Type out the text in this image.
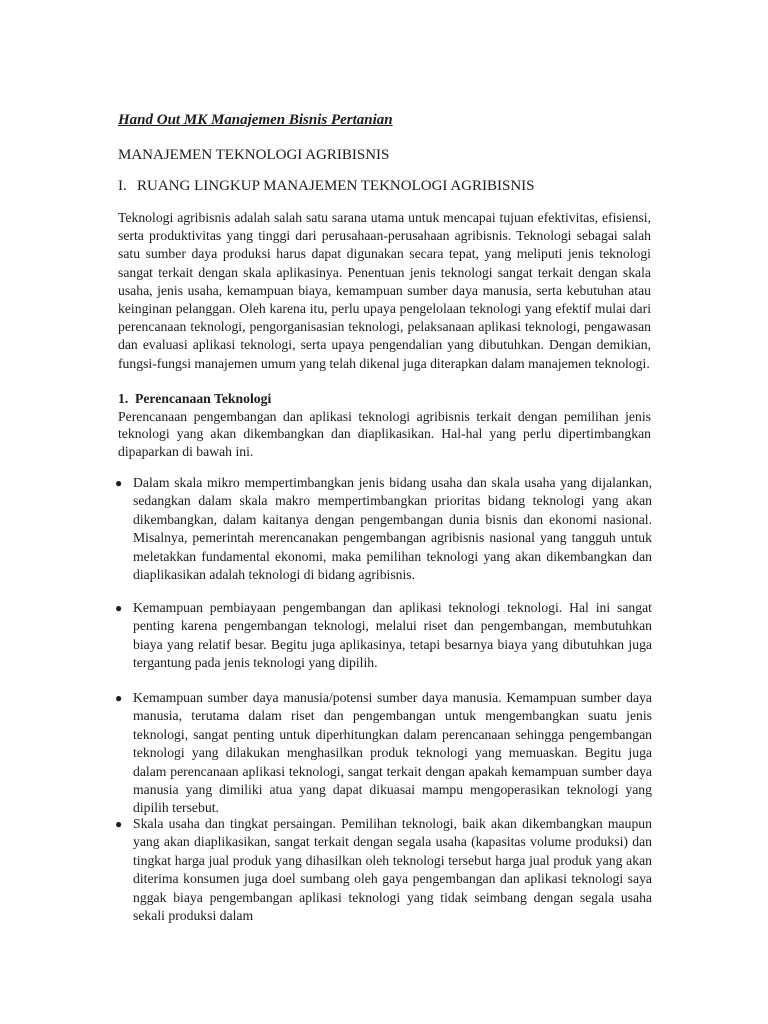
Hand Out MK Manajemen Bisnis Pertanian

MANAJEMEN TEKNOLOGI AGRIBISNIS
I. RUANG LINGKUP MANAJEMEN TEKNOLOGI AGRIBISNIS

Teknologi agribisnis adalah salah satu sarana utama untuk mencapai tujuan efektivitas, efisiensi, serta produktivitas yang tinggi dari perusahaan-perusahaan agribisnis. Teknologi sebagai salah satu sumber daya produksi harus dapat digunakan secara tepat, yang meliputi jenis teknologi sangat terkait dengan skala aplikasinya. Penentuan jenis teknologi sangat terkait dengan skala usaha, jenis usaha, kemampuan biaya, kemampuan sumber daya manusia, serta kebutuhan atau keinginan pelanggan. Oleh karena itu, perlu upaya pengelolaan teknologi yang efektif mulai dari perencanaan teknologi, pengorganisasian teknologi, pelaksanaan aplikasi teknologi, pengawasan dan evaluasi aplikasi teknologi, serta upaya pengendalian yang dibutuhkan. Dengan demikian, fungsi-fungsi manajemen umum yang telah dikenal juga diterapkan dalam manajemen teknologi.

1. Perencanaan Teknologi

Perencanaan pengembangan dan aplikasi teknologi agribisnis terkait dengan pemilihan jenis teknologi yang akan dikembangkan dan diaplikasikan. Hal-hal yang perlu dipertimbangkan dipaparkan di bawah ini.

● Dalam skala mikro mempertimbangkan jenis bidang usaha dan skala usaha yang dijalankan, sedangkan dalam skala makro mempertimbangkan prioritas bidang teknologi yang akan dikembangkan, dalam kaitanya dengan pengembangan dunia bisnis dan ekonomi nasional. Misalnya, pemerintah merencanakan pengembangan agribisnis nasional yang tangguh untuk meletakkan fundamental ekonomi, maka pemilihan teknologi yang akan dikembangkan dan diaplikasikan adalah teknologi di bidang agribisnis.

● Kemampuan pembiayaan pengembangan dan aplikasi teknologi teknologi. Hal ini sangat penting karena pengembangan teknologi, melalui riset dan pengembangan, membutuhkan biaya yang relatif besar. Begitu juga aplikasinya, tetapi besarnya biaya yang dibutuhkan juga tergantung pada jenis teknologi yang dipilih.

● Kemampuan sumber daya manusia/potensi sumber daya manusia. Kemampuan sumber daya manusia, terutama dalam riset dan pengembangan untuk mengembangkan suatu jenis teknologi, sangat penting untuk diperhitungkan dalam perencanaan sehingga pengembangan teknologi yang dilakukan menghasilkan produk teknologi yang memuaskan. Begitu juga dalam perencanaan aplikasi teknologi, sangat terkait dengan apakah kemampuan sumber daya manusia yang dimiliki atua yang dapat dikuasai mampu mengoperasikan teknologi yang dipilih tersebut.

● Skala usaha dan tingkat persaingan. Pemilihan teknologi, baik akan dikembangkan maupun yang akan diaplikasikan, sangat terkait dengan segala usaha (kapasitas volume produksi) dan tingkat harga jual produk yang dihasilkan oleh teknologi tersebut harga jual produk yang akan diterima konsumen juga doel sumbang oleh gaya pengembangan dan aplikasi teknologi saya nggak biaya pengembangan aplikasi teknologi yang tidak seimbang dengan segala usaha sekali produksi dalam
